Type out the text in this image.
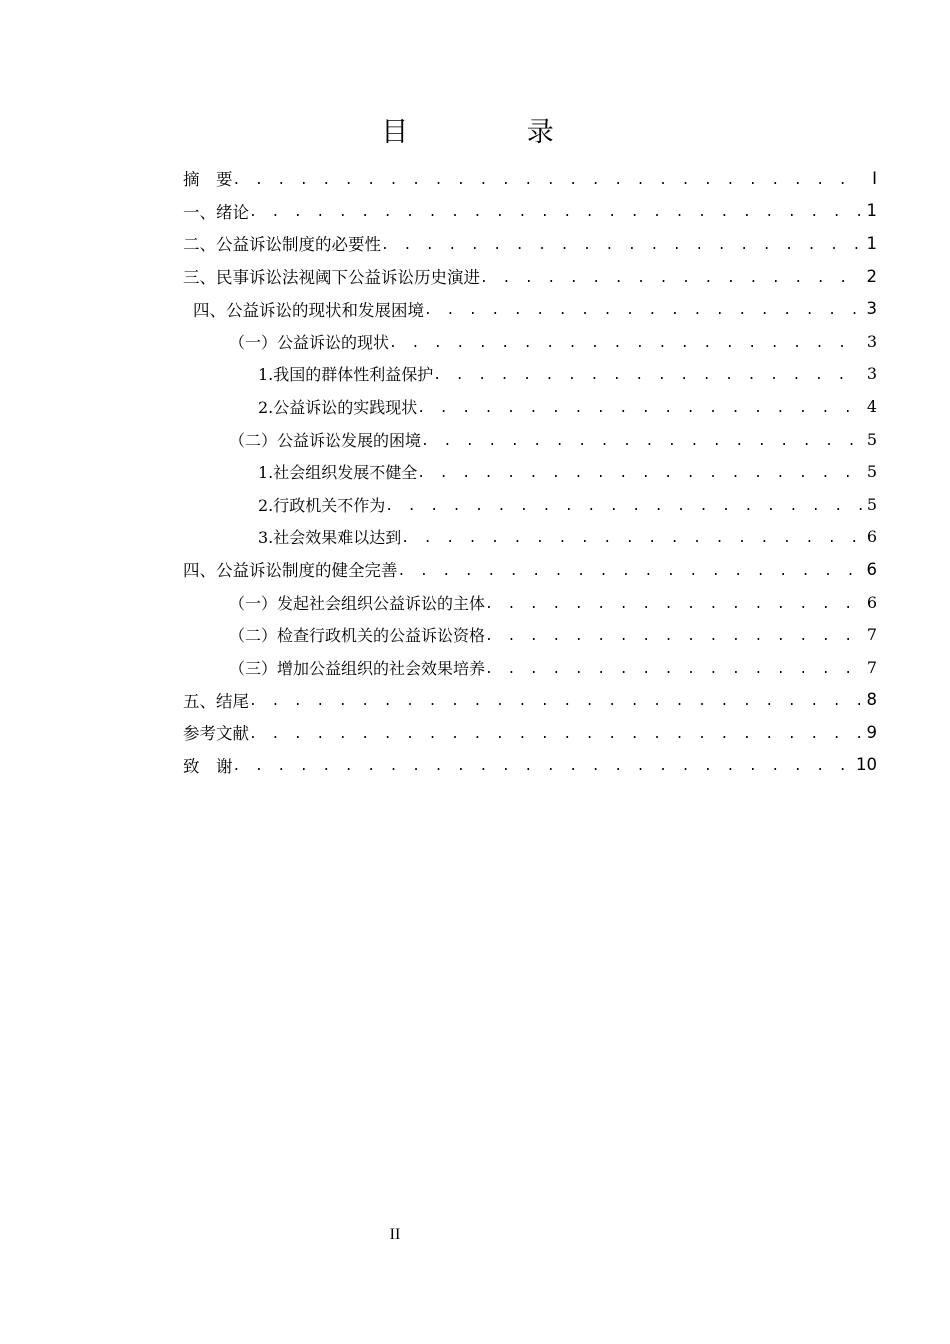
目 录
摘　要 . . .	I
一、绪论 . . .	1
二、公益诉讼制度的必要性 . . .	1
三、民事诉讼法视阈下公益诉讼历史演进 . . .	2
四、公益诉讼的现状和发展困境 . . .	3
（一）公益诉讼的现状 . . .	3
1.我国的群体性利益保护 . . .	3
2.公益诉讼的实践现状 . . .	4
（二）公益诉讼发展的困境 . . .	5
1.社会组织发展不健全 . . .	5
2.行政机关不作为 . . .	5
3.社会效果难以达到 . . .	6
四、公益诉讼制度的健全完善 . . .	6
（一）发起社会组织公益诉讼的主体 . . .	6
（二）检查行政机关的公益诉讼资格 . . .	7
（三）增加公益组织的社会效果培养 . . .	7
五、结尾 . . .	8
参考文献 . . .	9
致　谢 . . .	10
II
